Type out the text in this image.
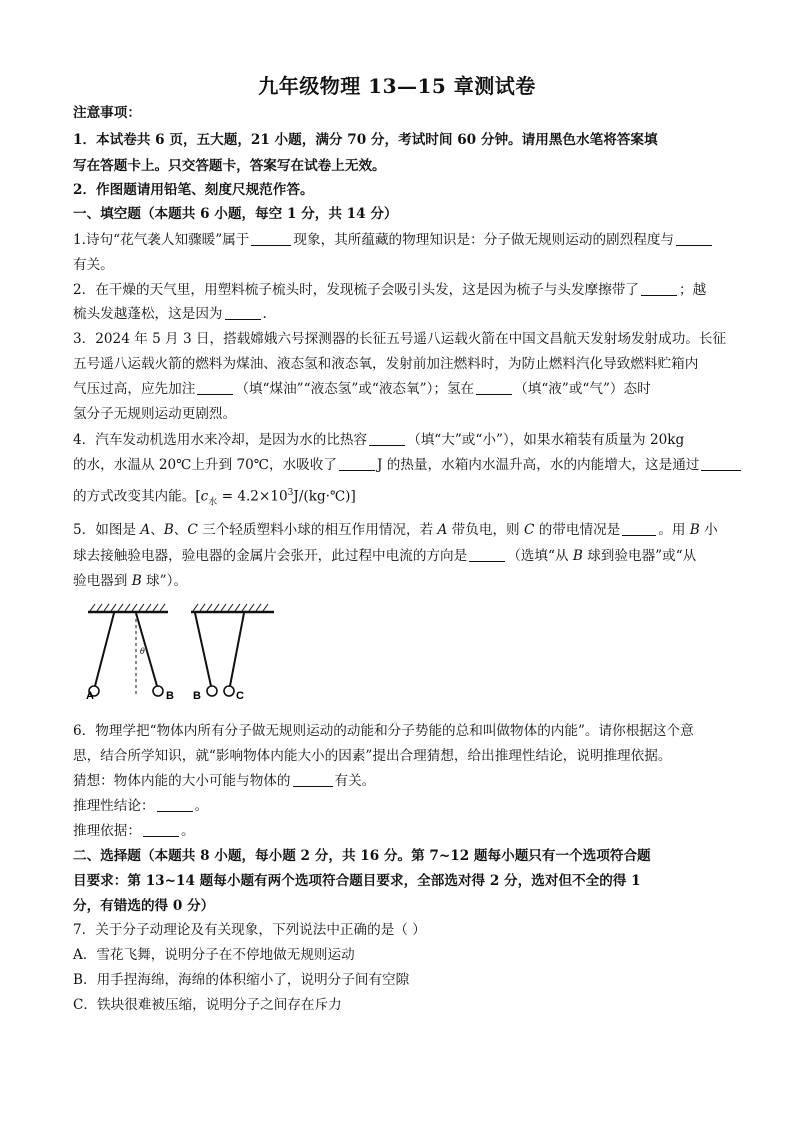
九年级物理 13—15 章测试卷
注意事项：
1．本试卷共 6 页，五大题，21 小题，满分 70 分，考试时间 60 分钟。请用黑色水笔将答案填
写在答题卡上。只交答题卡，答案写在试卷上无效。
2．作图题请用铅笔、刻度尺规范作答。
一、填空题（本题共 6 小题，每空 1 分，共 14 分）
1.诗句“花气袭人知骤暖”属于	现象，其所蕴藏的物理知识是：分子做无规则运动的剧烈程度与
有关。
2．在干燥的天气里，用塑料梳子梳头时，发现梳子会吸引头发，这是因为梳子与头发摩擦带了	；越
梳头发越蓬松，这是因为	.
3．2024 年 5 月 3 日，搭载嫦娥六号探测器的长征五号遥八运载火箭在中国文昌航天发射场发射成功。长征
五号遥八运载火箭的燃料为煤油、液态氢和液态氧，发射前加注燃料时，为防止燃料汽化导致燃料贮箱内
气压过高，应先加注	（填“煤油”“液态氢”或“液态氧”）；氢在	（填“液”或“气”）态时
氢分子无规则运动更剧烈。
4．汽车发动机选用水来冷却，是因为水的比热容	（填“大”或“小”），如果水箱装有质量为 20kg
的水，水温从 20℃上升到 70℃，水吸收了	J 的热量，水箱内水温升高，水的内能增大，这是通过
的方式改变其内能。[$c_水$ = $4.2\times 10^3J/(kg\cdot℃)$]
5．如图是 A、B、C 三个轻质塑料小球的相互作用情况，若 A 带负电，则 C 的带电情况是	。用 B 小
球去接触验电器，验电器的金属片会张开，此过程中电流的方向是	（选填“从 B 球到验电器”或“从
验电器到 B 球”）。
θ
A	B B	C
6．物理学把“物体内所有分子做无规则运动的动能和分子势能的总和叫做物体的内能”。请你根据这个意
思，结合所学知识，就“影响物体内能大小的因素”提出合理猜想，给出推理性结论，说明推理依据。
猜想：物体内能的大小可能与物体的	有关。
推理性结论：	。
推理依据：	。
二、选择题（本题共 8 小题，每小题 2 分，共 16 分。第 7~12 题每小题只有一个选项符合题
目要求：第 13~14 题每小题有两个选项符合题目要求，全部选对得 2 分，选对但不全的得 1
分，有错选的得 0 分）
7．关于分子动理论及有关现象，下列说法中正确的是（ ）
A．雪花飞舞，说明分子在不停地做无规则运动
B．用手捏海绵，海绵的体积缩小了，说明分子间有空隙
C．铁块很难被压缩，说明分子之间存在斥力
